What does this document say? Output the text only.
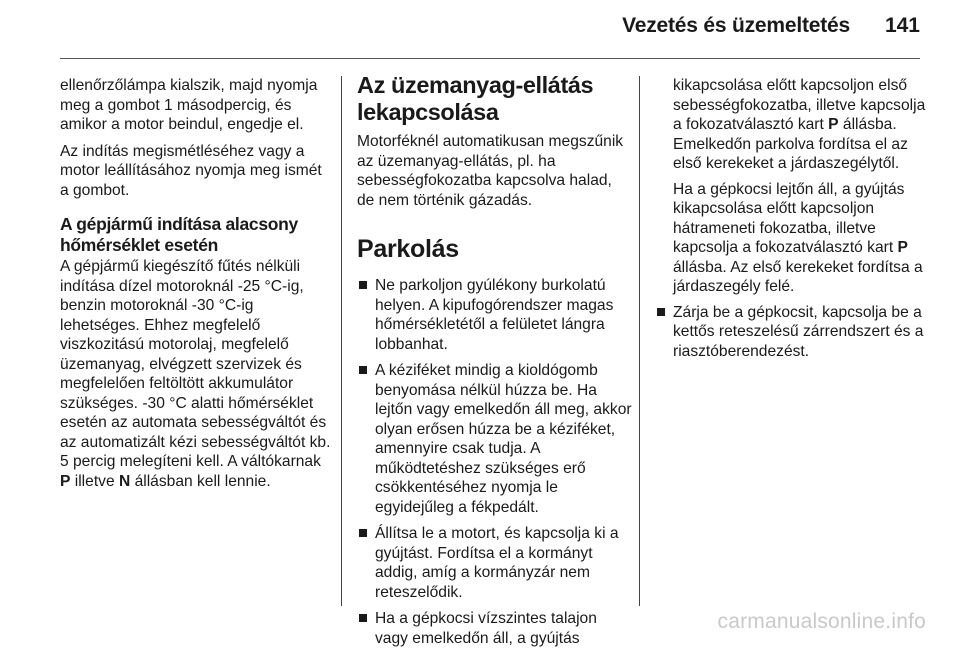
Vezetés és üzemeltetés 141

ellenőrzőlámpa kialszik, majd nyomja meg a gombot 1 másodpercig, és amikor a motor beindul, engedje el.

Az indítás megismétléséhez vagy a motor leállításához nyomja meg ismét a gombot.

A gépjármű indítása alacsony hőmérséklet esetén

A gépjármű kiegészítő fűtés nélküli indítása dízel motoroknál -25 °C-ig, benzin motoroknál -30 °C-ig lehetséges. Ehhez megfelelő viszkozitású motorolaj, megfelelő üzemanyag, elvégzett szervizek és megfelelően feltöltött akkumulátor szükséges. -30 °C alatti hőmérséklet esetén az automata sebességváltót és az automatizált kézi sebességváltót kb. 5 percig melegíteni kell. A váltókarnak P illetve N állásban kell lennie.

Az üzemanyag-ellátás lekapcsolása

Motorféknél automatikusan megszűnik az üzemanyag-ellátás, pl. ha sebességfokozatba kapcsolva halad, de nem történik gázadás.

Parkolás
Ne parkoljon gyúlékony burkolatú helyen. A kipufogórendszer magas hőmérsékletétől a felületet lángra lobbanhat.
A kéziféket mindig a kioldógomb benyomása nélkül húzza be. Ha lejtőn vagy emelkedőn áll meg, akkor olyan erősen húzza be a kéziféket, amennyire csak tudja. A működtetéshez szükséges erő csökkentéséhez nyomja le egyidejűleg a fékpedált.
Állítsa le a motort, és kapcsolja ki a gyújtást. Fordítsa el a kormányt addig, amíg a kormányzár nem reteszelődik.
Ha a gépkocsi vízszintes talajon vagy emelkedőn áll, a gyújtás

kikapcsolása előtt kapcsoljon első sebességfokozatba, illetve kapcsolja a fokozatválasztó kart P állásba. Emelkedőn parkolva fordítsa el az első kerekeket a járdaszegélytől.

Ha a gépkocsi lejtőn áll, a gyújtás kikapcsolása előtt kapcsoljon hátrameneti fokozatba, illetve kapcsolja a fokozatválasztó kart P állásba. Az első kerekeket fordítsa a járdaszegély felé.

Zárja be a gépkocsit, kapcsolja be a kettős reteszelésű zárrendszert és a riasztóberendezést.
carmanualsonline.info
